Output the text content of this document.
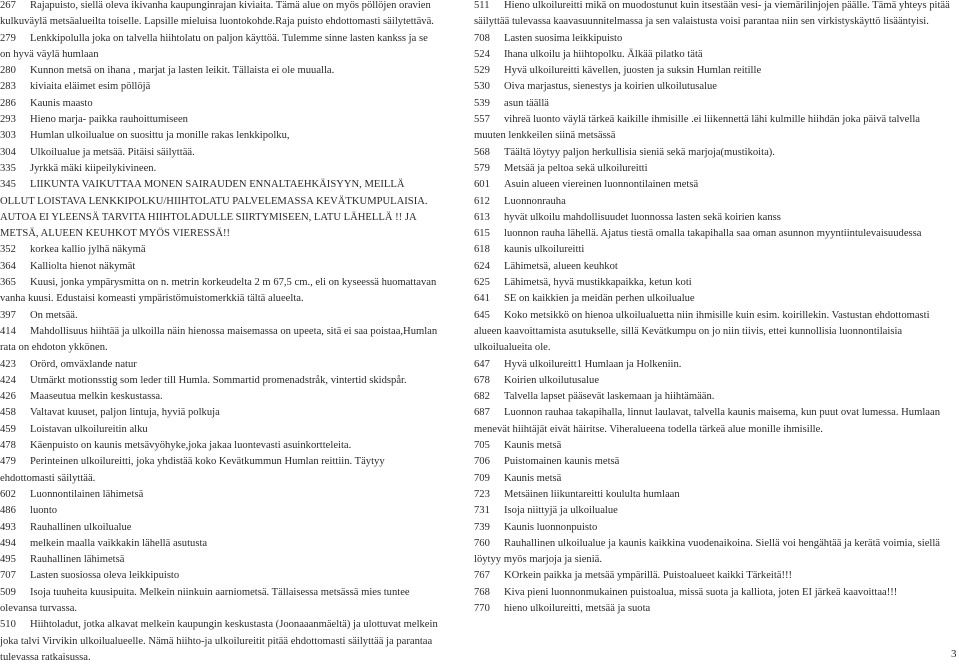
267 Rajapuisto, siellä oleva ikivanha kaupunginrajan kiviaita. Tämä alue on myös pöllöjen oravien kulkuväylä metsäalueilta toiselle. Lapsille mieluisa luontokohde.Raja puisto ehdottomasti säilytettävä.

279 Lenkkipolulla joka on talvella hiihtolatu on paljon käyttöä. Tulemme sinne lasten kankss ja se on hyvä väylä humlaan

280 Kunnon metsä on ihana , marjat ja lasten leikit. Tällaista ei ole muualla.

283 kiviaita eläimet esim pöllöjä

286 Kaunis maasto

293 Hieno marja- paikka rauhoittumiseen

303 Humlan ulkoilualue on suosittu ja monille rakas lenkkipolku,

304 Ulkoilualue ja metsää. Pitäisi säilyttää.

335 Jyrkkä mäki kiipeilykivineen.

345 LIIKUNTA VAIKUTTAA MONEN SAIRAUDEN ENNALTAEHKÄISYYN, MEILLÄ OLLUT LOISTAVA LENKKIPOLKU/HIIHTOLATU PALVELEMASSA KEVÄTKUMPULAISIA. AUTOA EI YLEENSÄ TARVITA HIIHTOLADULLE SIIRTYMISEEN, LATU LÄHELLÄ !! JA METSÄ, ALUEEN KEUHKOT MYÖS VIERESSÄ!!

352 korkea kallio jylhä näkymä

364 Kalliolta hienot näkymät

365 Kuusi, jonka ympärysmitta on n. metrin korkeudelta 2 m 67,5 cm., eli on kyseessä huomattavan vanha kuusi. Edustaisi komeasti ympäristömuistomerkkiä tältä alueelta.

397 On metsää.

414 Mahdollisuus hiihtää ja ulkoilla näin hienossa maisemassa on upeeta, sitä ei saa poistaa,Humlan rata on ehdoton ykkönen.

423 Orörd, omväxlande natur

424 Utmärkt motionsstig som leder till Humla. Sommartid promenadstråk, vintertid skidspår.

426 Maaseutua melkin keskustassa.

458 Valtavat kuuset, paljon lintuja, hyviä polkuja

459 Loistavan ulkoilureitin alku

478 Käenpuisto on kaunis metsävyöhyke,joka jakaa luontevasti asuinkortteleita.

479 Perinteinen ulkoilureitti, joka yhdistää koko Kevätkummun Humlan reittiin. Täytyy ehdottomasti säilyttää.

602 Luonnontilainen lähimetsä

486 luonto

493 Rauhallinen ulkoilualue

494 melkein maalla vaikkakin lähellä asutusta

495 Rauhallinen lähimetsä

707 Lasten suosiossa oleva leikkipuisto

509 Isoja tuuheita kuusipuita. Melkein niinkuin aarniometsä. Tällaisessa metsässä mies tuntee olevansa turvassa.

510 Hiihtoladut, jotka alkavat melkein kaupungin keskustasta (Joonaaanmäeltä) ja ulottuvat melkein joka talvi Virvikin ulkoilualueelle. Nämä hiihto-ja ulkoilureitit pitää ehdottomasti säilyttää ja parantaa tulevassa ratkaisussa.

511 Hieno ulkoilureitti mikä on muodostunut kuin itsestään vesi- ja viemärilinjojen päälle. Tämä yhteys pitää säilyttää tulevassa kaavasuunnitelmassa ja sen valaistusta voisi parantaa niin sen virkistyskäyttö lisääntyisi.

708 Lasten suosima leikkipuisto

524 Ihana ulkoilu ja hiihtopolku. Älkää pilatko tätä

529 Hyvä ulkoilureitti kävellen, juosten ja suksin Humlan reitille

530 Oiva marjastus, sienestys ja koirien ulkoilutusalue

539 asun täällä

557 vihreä luonto väylä tärkeä kaikille ihmisille .ei liikennettä lähi kulmille hiihdän joka päivä talvella muuten lenkkeilen siinä metsässä

568 Täältä löytyy paljon herkullisia sieniä sekä marjoja(mustikoita).

579 Metsää ja peltoa sekä ulkoilureitti

601 Asuin alueen viereinen luonnontilainen metsä

612 Luonnonrauha

613 hyvät ulkoilu mahdollisuudet luonnossa lasten sekä koirien kanss

615 luonnon rauha lähellä. Ajatus tiestä omalla takapihalla saa oman asunnon myyntiintulevaisuudessa

618 kaunis ulkoilureitti

624 Lähimetsä, alueen keuhkot

625 Lähimetsä, hyvä mustikkapaikka, ketun koti

641 SE on kaikkien ja meidän perhen ulkoilualue

645 Koko metsikkö on hienoa ulkoilualuetta niin ihmisille kuin esim. koirillekin. Vastustan ehdottomasti alueen kaavoittamista asutukselle, sillä Kevätkumpu on jo niin tiivis, ettei kunnollisia luonnontilaisia ulkoilualueita ole.

647 Hyvä ulkoilureitt1 Humlaan ja Holkeniin.

678 Koirien ulkoilutusalue

682 Talvella lapset pääsevät laskemaan ja hiihtämään.

687 Luonnon rauhaa takapihalla, linnut laulavat, talvella kaunis maisema, kun puut ovat lumessa. Humlaan menevät hiihtäjät eivät häiritse. Viheralueena todella tärkeä alue monille ihmisille.

705 Kaunis metsä

706 Puistomainen kaunis metsä

709 Kaunis metsä

723 Metsäinen liikuntareitti koululta humlaan

731 Isoja niittyjä ja ulkoilualue

739 Kaunis luonnonpuisto

760 Rauhallinen ulkoilualue ja kaunis kaikkina vuodenaikoina. Siellä voi hengähtää ja kerätä voimia, siellä löytyy myös marjoja ja sieniä.

767 KOrkein paikka ja metsää ympärillä. Puistoalueet kaikki Tärkeitä!!!

768 Kiva pieni luonnonmukainen puistoalua, missä suota ja kalliota, joten EI järkeä kaavoittaa!!!

770 hieno ulkoilureitti, metsää ja suota

3
